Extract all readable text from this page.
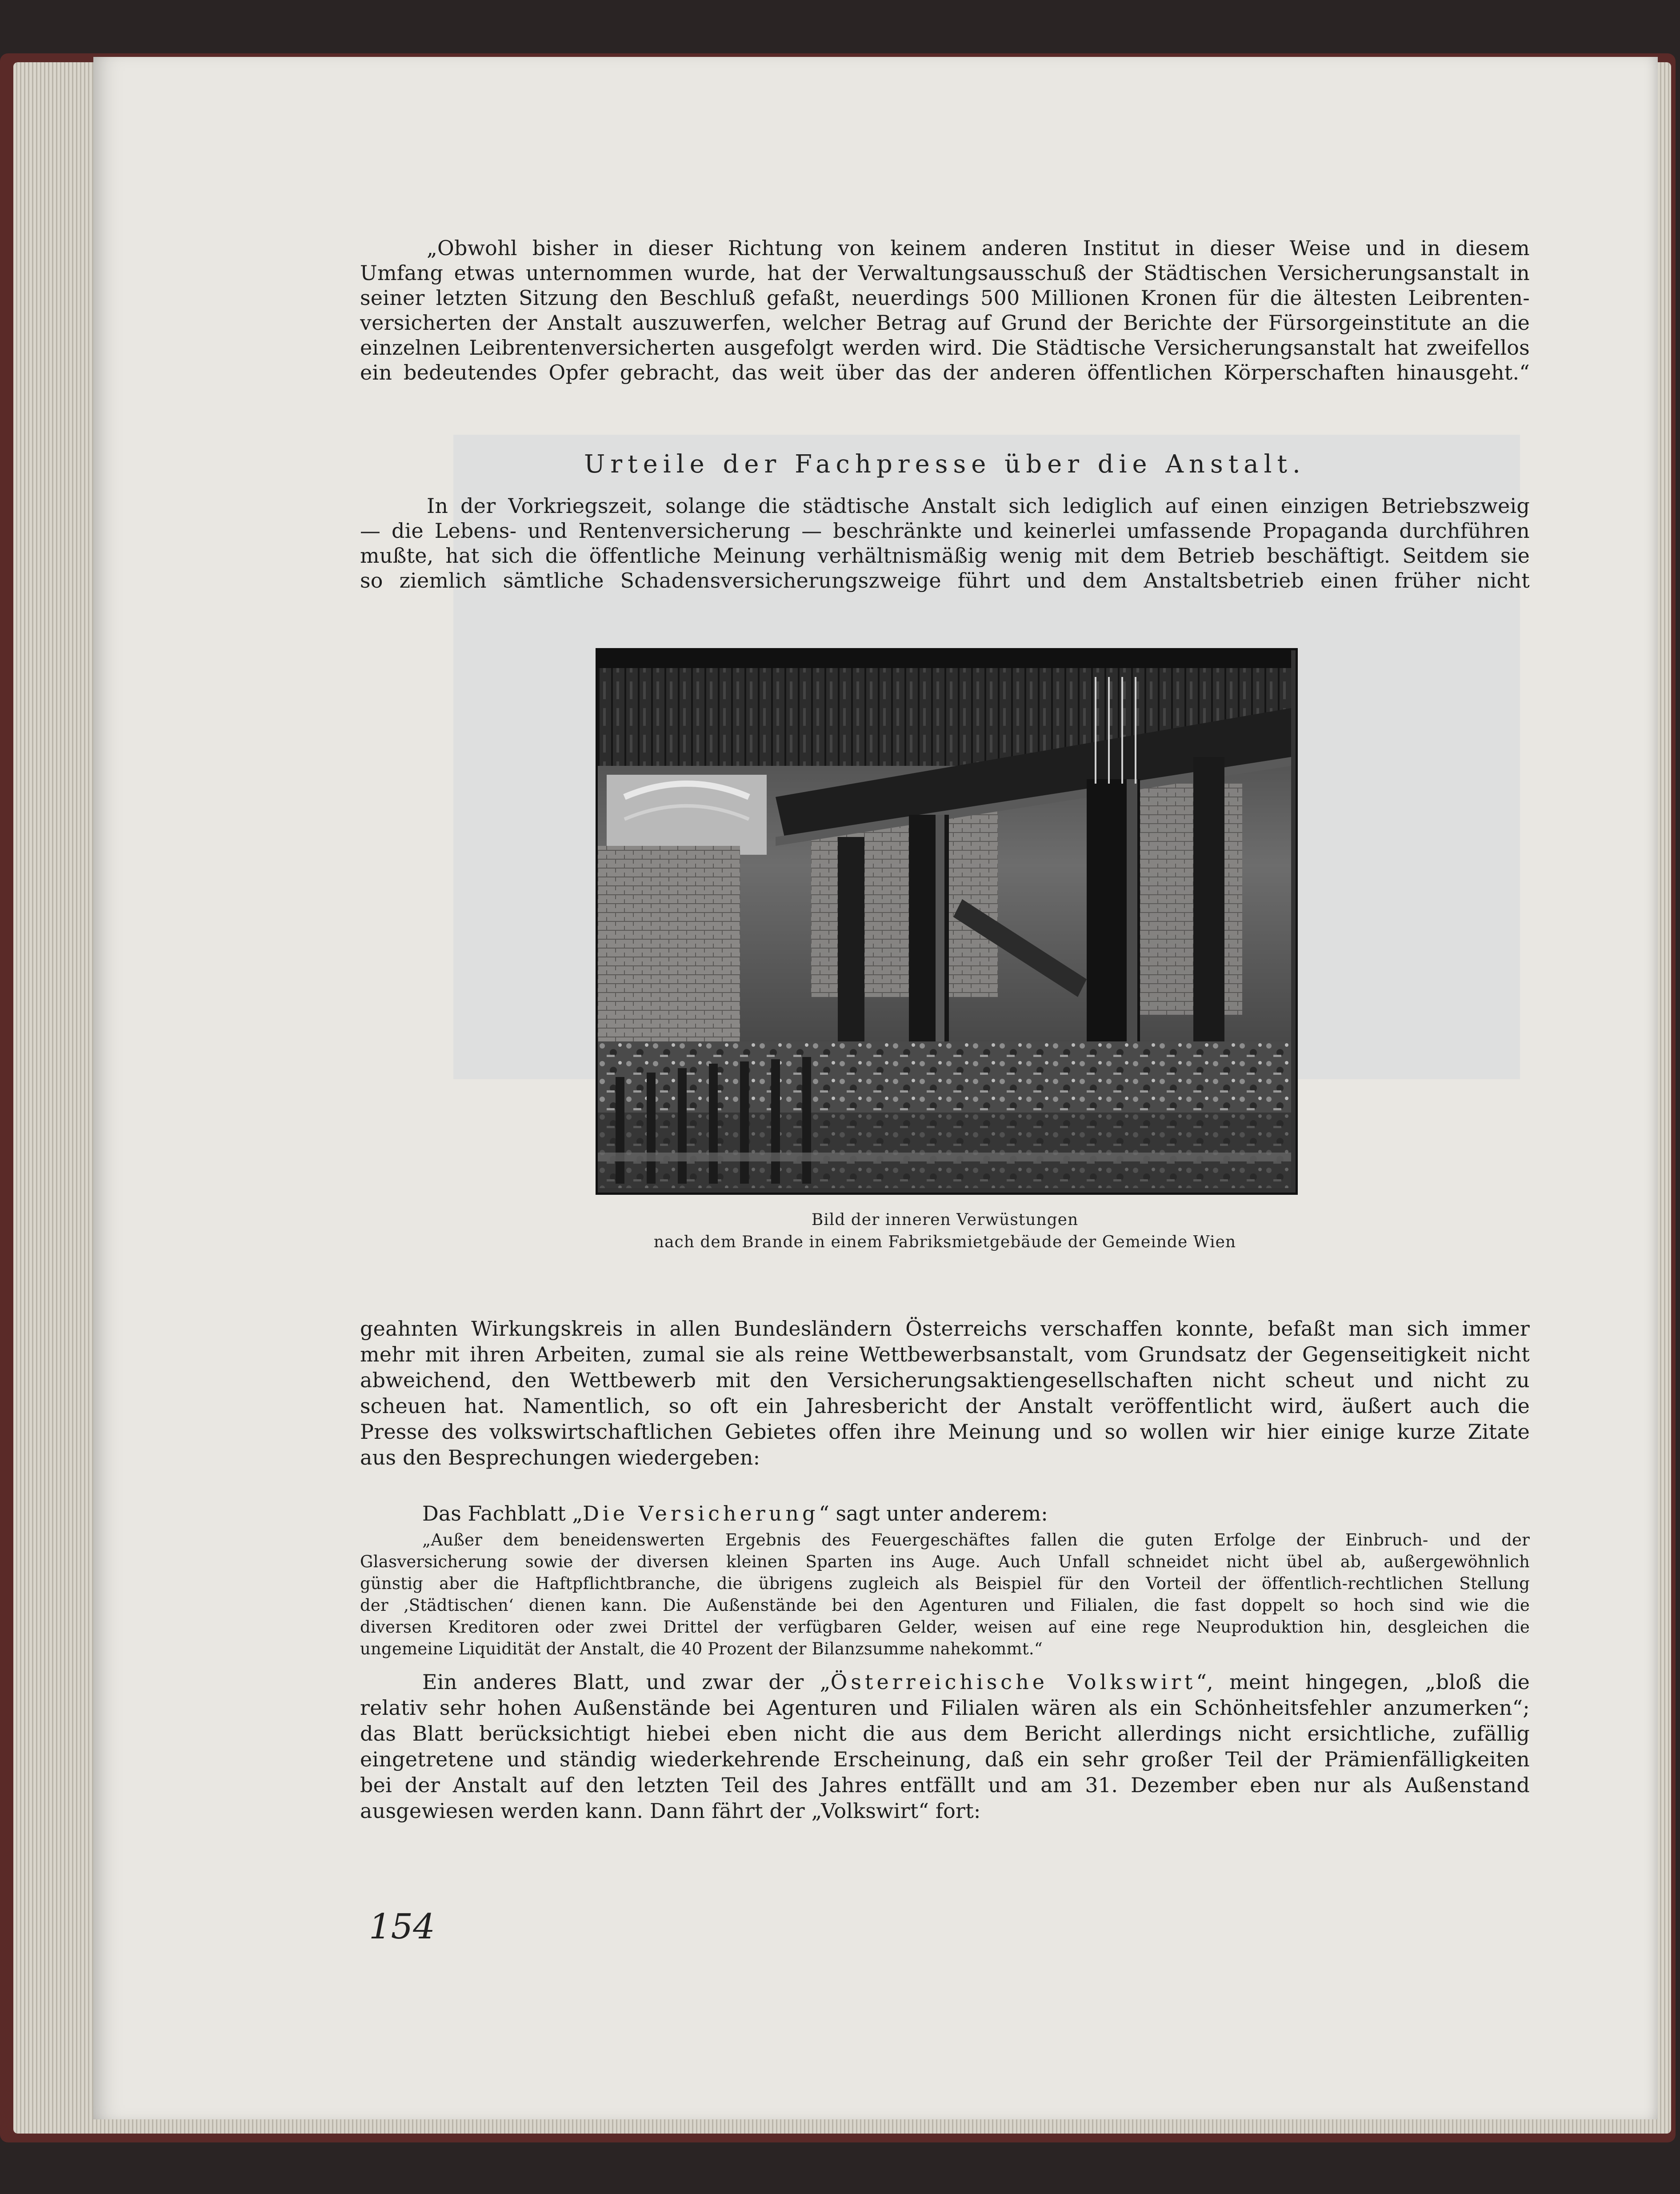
„Obwohl bisher in dieser Richtung von keinem anderen Institut in dieser Weise und in diesem
Umfang etwas unternommen wurde, hat der Verwaltungsausschuß der Städtischen Versicherungsanstalt in
seiner letzten Sitzung den Beschluß gefaßt, neuerdings 500 Millionen Kronen für die ältesten Leibrenten-
versicherten der Anstalt auszuwerfen, welcher Betrag auf Grund der Berichte der Fürsorgeinstitute an die
einzelnen Leibrentenversicherten ausgefolgt werden wird. Die Städtische Versicherungsanstalt hat zweifellos
ein bedeutendes Opfer gebracht, das weit über das der anderen öffentlichen Körperschaften hinausgeht.“
Urteile der Fachpresse über die Anstalt.
In der Vorkriegszeit, solange die städtische Anstalt sich lediglich auf einen einzigen Betriebszweig
— die Lebens- und Rentenversicherung — beschränkte und keinerlei umfassende Propaganda durchführen
mußte, hat sich die öffentliche Meinung verhältnismäßig wenig mit dem Betrieb beschäftigt. Seitdem sie
so ziemlich sämtliche Schadensversicherungszweige führt und dem Anstaltsbetrieb einen früher nicht
Bild der inneren Verwüstungen
nach dem Brande in einem Fabriksmietgebäude der Gemeinde Wien
geahnten Wirkungskreis in allen Bundesländern Österreichs verschaffen konnte, befaßt man sich immer
mehr mit ihren Arbeiten, zumal sie als reine Wettbewerbsanstalt, vom Grundsatz der Gegenseitigkeit nicht
abweichend, den Wettbewerb mit den Versicherungsaktiengesellschaften nicht scheut und nicht zu
scheuen hat. Namentlich, so oft ein Jahresbericht der Anstalt veröffentlicht wird, äußert auch die
Presse des volkswirtschaftlichen Gebietes offen ihre Meinung und so wollen wir hier einige kurze Zitate
aus den Besprechungen wiedergeben:
Das Fachblatt „Die Versicherung“ sagt unter anderem:
„Außer dem beneidenswerten Ergebnis des Feuergeschäftes fallen die guten Erfolge der Einbruch- und der
Glasversicherung sowie der diversen kleinen Sparten ins Auge. Auch Unfall schneidet nicht übel ab, außergewöhnlich
günstig aber die Haftpflichtbranche, die übrigens zugleich als Beispiel für den Vorteil der öffentlich-rechtlichen Stellung
der ‚Städtischen‘ dienen kann. Die Außenstände bei den Agenturen und Filialen, die fast doppelt so hoch sind wie die
diversen Kreditoren oder zwei Drittel der verfügbaren Gelder, weisen auf eine rege Neuproduktion hin, desgleichen die
ungemeine Liquidität der Anstalt, die 40 Prozent der Bilanzsumme nahekommt.“
Ein anderes Blatt, und zwar der „Österreichische Volkswirt“, meint hingegen, „bloß die
relativ sehr hohen Außenstände bei Agenturen und Filialen wären als ein Schönheitsfehler anzumerken“;
das Blatt berücksichtigt hiebei eben nicht die aus dem Bericht allerdings nicht ersichtliche, zufällig
eingetretene und ständig wiederkehrende Erscheinung, daß ein sehr großer Teil der Prämienfälligkeiten
bei der Anstalt auf den letzten Teil des Jahres entfällt und am 31. Dezember eben nur als Außenstand
ausgewiesen werden kann. Dann fährt der „Volkswirt“ fort:
154
